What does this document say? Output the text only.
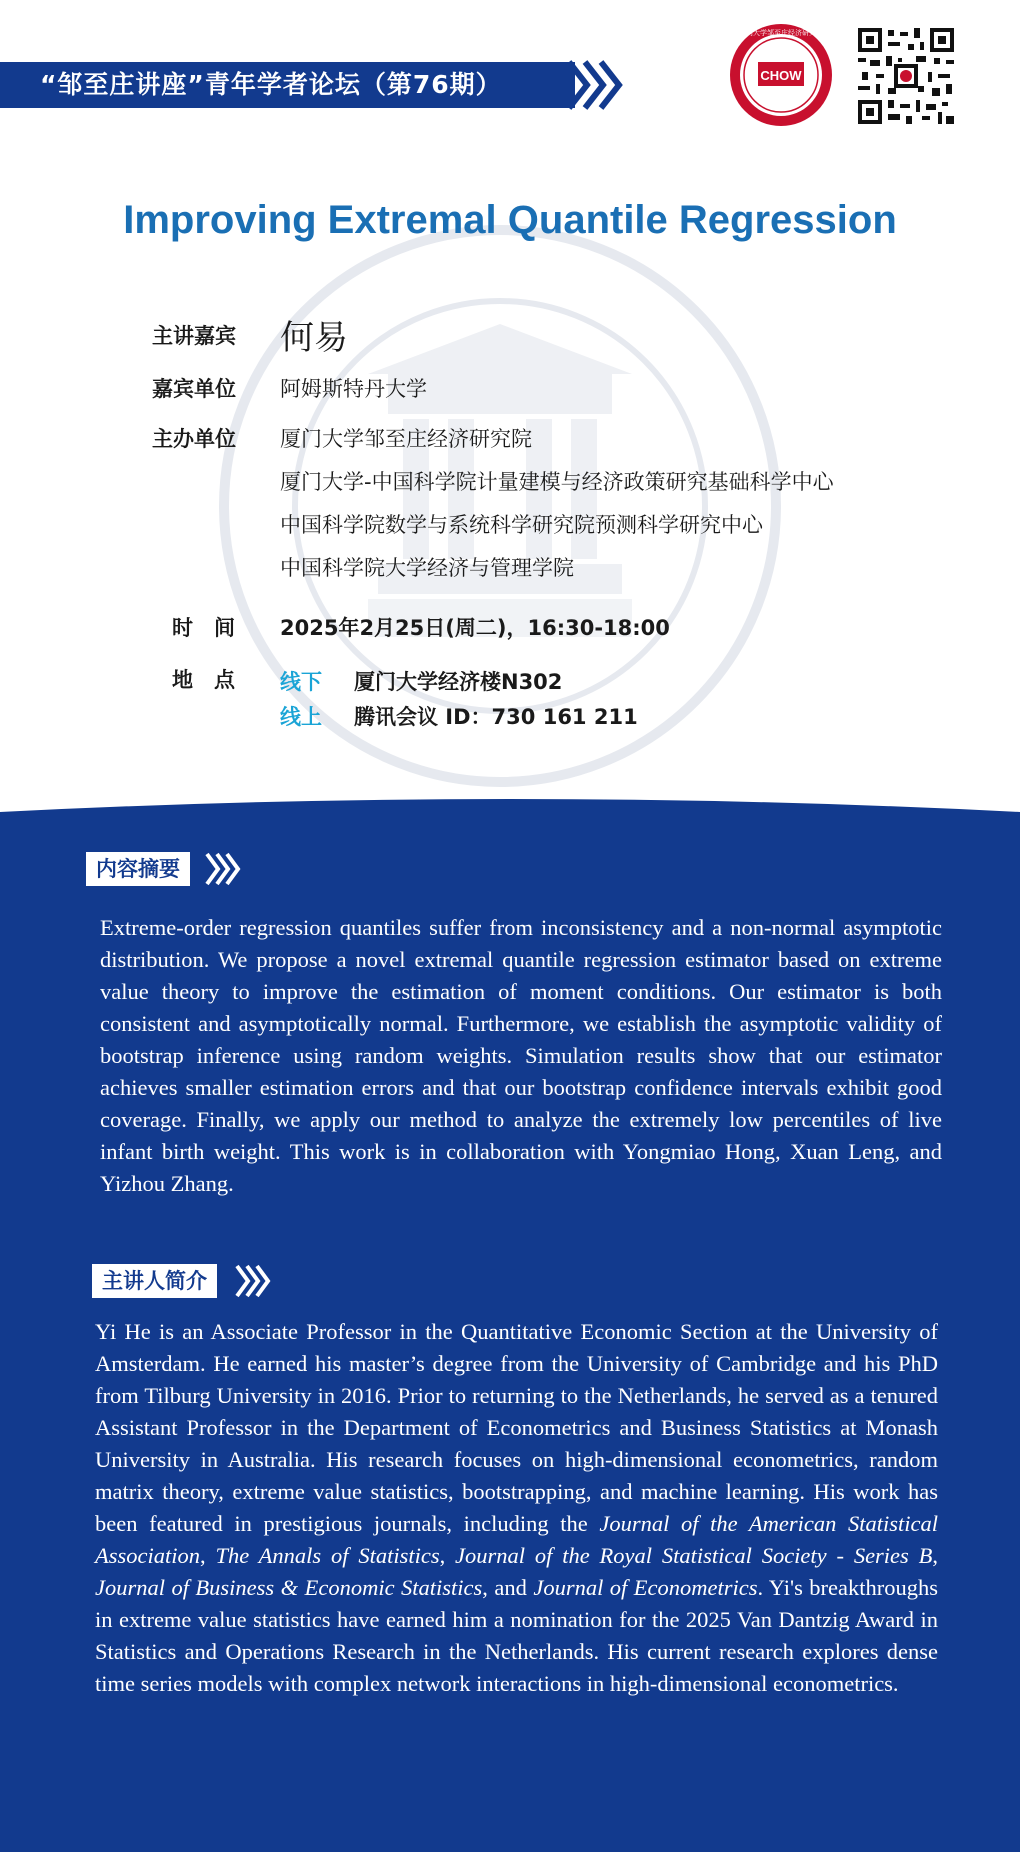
“邹至庄讲座”青年学者论坛（第76期）	CHOW
厦门大学邹至庄经济研究院
Improving Extremal Quantile Regression
主讲嘉宾	何易
嘉宾单位	阿姆斯特丹大学
主办单位	厦门大学邹至庄经济研究院
厦门大学-中国科学院计量建模与经济政策研究基础科学中心
中国科学院数学与系统科学研究院预测科学研究中心
中国科学院大学经济与管理学院
时　间	2025年2月25日(周二)，16:30-18:00
地　点	线下 厦门大学经济楼N302
线上 腾讯会议 ID：730 161 211
内容摘要
Extreme-order regression quantiles suffer from inconsistency and a non-normal asymptotic distribution. We propose a novel extremal quantile regression estimator based on extreme value theory to improve the estimation of moment conditions. Our estimator is both consistent and asymptotically normal. Furthermore, we establish the asymptotic validity of bootstrap inference using random weights. Simulation results show that our estimator achieves smaller estimation errors and that our bootstrap confidence intervals exhibit good coverage. Finally, we apply our method to analyze the extremely low percentiles of live infant birth weight. This work is in collaboration with Yongmiao Hong, Xuan Leng, and Yizhou Zhang.
主讲人简介
Yi He is an Associate Professor in the Quantitative Economic Section at the University of Amsterdam. He earned his master’s degree from the University of Cambridge and his PhD from Tilburg University in 2016. Prior to returning to the Netherlands, he served as a tenured Assistant Professor in the Department of Econometrics and Business Statistics at Monash University in Australia. His research focuses on high-dimensional econometrics, random matrix theory, extreme value statistics, bootstrapping, and machine learning. His work has been featured in prestigious journals, including the Journal of the American Statistical Association, The Annals of Statistics, Journal of the Royal Statistical Society - Series B, Journal of Business & Economic Statistics, and Journal of Econometrics. Yi's breakthroughs in extreme value statistics have earned him a nomination for the 2025 Van Dantzig Award in Statistics and Operations Research in the Netherlands. His current research explores dense time series models with complex network interactions in high-dimensional econometrics.
